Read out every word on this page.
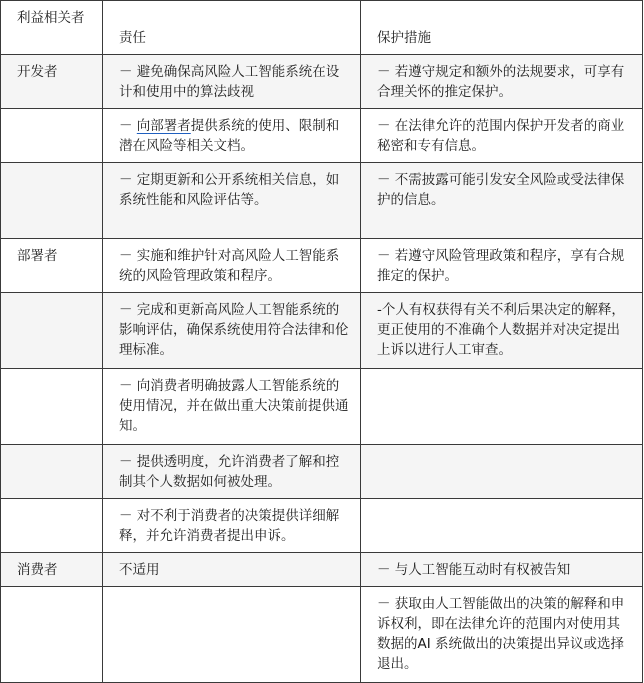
利益相关者	责任	保护措施
开发者	－ 避免确保高风险人工智能系统在设计和使用中的算法歧视	－ 若遵守规定和额外的法规要求，可享有合理关怀的推定保护。
	－ 向部署者提供系统的使用、限制和潜在风险等相关文档。	－ 在法律允许的范围内保护开发者的商业秘密和专有信息。
	－ 定期更新和公开系统相关信息，如系统性能和风险评估等。	－ 不需披露可能引发安全风险或受法律保护的信息。
部署者	－ 实施和维护针对高风险人工智能系统的风险管理政策和程序。	－ 若遵守风险管理政策和程序，享有合规推定的保护。
	－ 完成和更新高风险人工智能系统的影响评估，确保系统使用符合法律和伦理标准。	-个人有权获得有关不利后果决定的解释，更正使用的不准确个人数据并对决定提出上诉以进行人工审查。
	－ 向消费者明确披露人工智能系统的使用情况，并在做出重大决策前提供通知。	
	－ 提供透明度，允许消费者了解和控制其个人数据如何被处理。	
	－ 对不利于消费者的决策提供详细解释，并允许消费者提出申诉。	
消费者	不适用	－ 与人工智能互动时有权被告知
		－ 获取由人工智能做出的决策的解释和申诉权利，即在法律允许的范围内对使用其数据的AI 系统做出的决策提出异议或选择退出。
